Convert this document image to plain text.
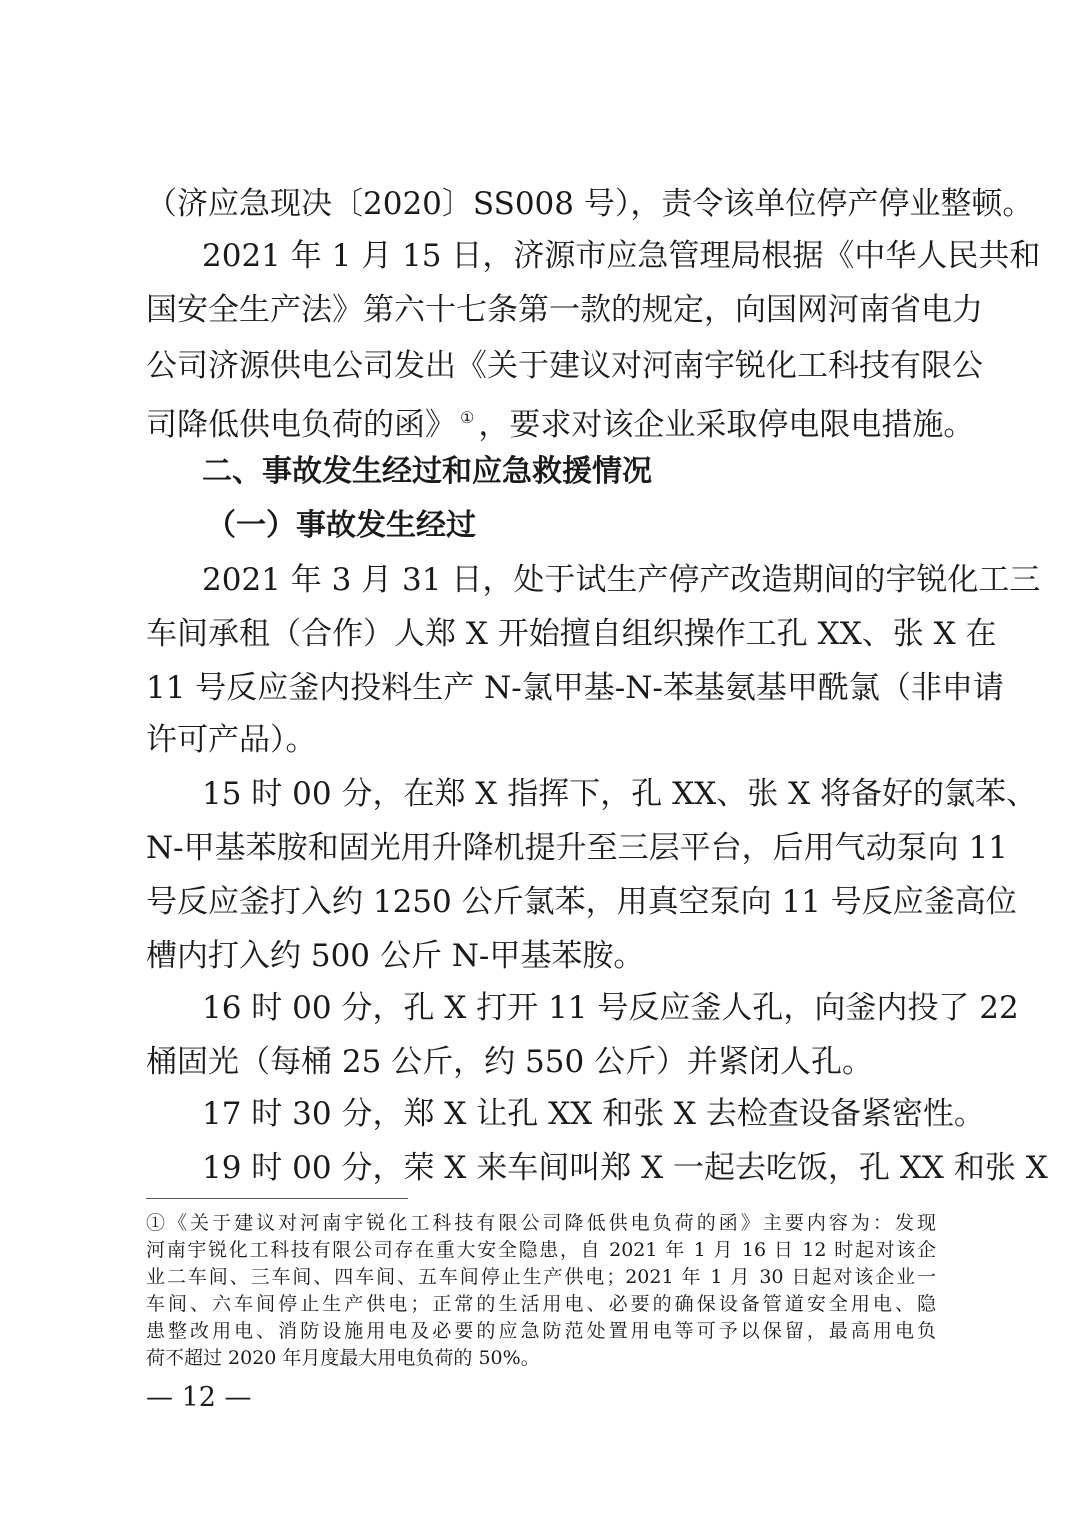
（济应急现决〔2020〕SS008 号），责令该单位停产停业整顿。
2021 年 1 月 15 日，济源市应急管理局根据《中华人民共和
国安全生产法》第六十七条第一款的规定，向国网河南省电力
公司济源供电公司发出《关于建议对河南宇锐化工科技有限公
司降低供电负荷的函》 ① ，要求对该企业采取停电限电措施。
二、事故发生经过和应急救援情况
（一）事故发生经过
2021 年 3 月 31 日，处于试生产停产改造期间的宇锐化工三
车间承租（合作）人郑 X 开始擅自组织操作工孔 XX、张 X 在
11 号反应釜内投料生产 N-氯甲基-N-苯基氨基甲酰氯（非申请
许可产品）。
15 时 00 分，在郑 X 指挥下，孔 XX、张 X 将备好的氯苯、
N-甲基苯胺和固光用升降机提升至三层平台，后用气动泵向 11
号反应釜打入约 1250 公斤氯苯，用真空泵向 11 号反应釜高位
槽内打入约 500 公斤 N-甲基苯胺。
16 时 00 分，孔 X 打开 11 号反应釜人孔，向釜内投了 22
桶固光（每桶 25 公斤，约 550 公斤）并紧闭人孔。
17 时 30 分，郑 X 让孔 XX 和张 X 去检查设备紧密性。
19 时 00 分，荣 X 来车间叫郑 X 一起去吃饭，孔 XX 和张 X
①《关于建议对河南宇锐化工科技有限公司降低供电负荷的函》主要内容为：发现
河南宇锐化工科技有限公司存在重大安全隐患，自 2021 年 1 月 16 日 12 时起对该企
业二车间、三车间、四车间、五车间停止生产供电；2021 年 1 月 30 日起对该企业一
车间、六车间停止生产供电；正常的生活用电、必要的确保设备管道安全用电、隐
患整改用电、消防设施用电及必要的应急防范处置用电等可予以保留，最高用电负
荷不超过 2020 年月度最大用电负荷的 50%。
— 12 —
